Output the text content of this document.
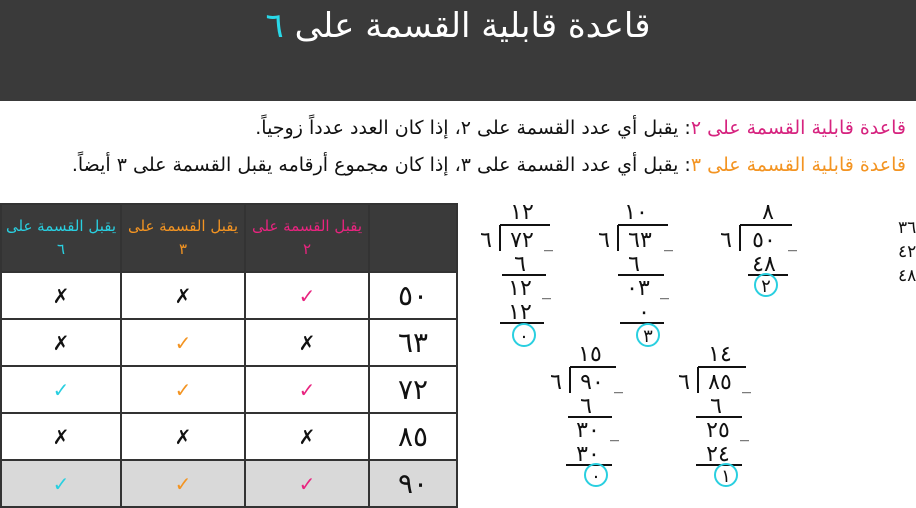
قاعدة قابلية القسمة على ٦
قاعدة قابلية القسمة على ٢: يقبل أي عدد القسمة على ٢، إذا كان العدد عدداً زوجياً.
قاعدة قابلية القسمة على ٣: يقبل أي عدد القسمة على ٣، إذا كان مجموع أرقامه يقبل القسمة على ٣ أيضاً.
	يقبل القسمة على ٢	يقبل القسمة على ٣	يقبل القسمة على ٦
٥٠	✓	✗	✗
٦٣	✗	✓	✗
٧٢	✓	✓	✓
٨٥	✗	✗	✗
٩٠	✓	✓	✓
٣٦
٤٢
٤٨
٨
٦ ٥٠ _
٤٨
٢
١٠
٦ ٦٣ _
٦
٠٣ _
٠
٣
١٢
٦ ٧٢ _
٦
١٢ _
١٢
٠
١٥
٦ ٩٠ _
٦
٣٠ _
٣٠
٠
١٤
٦ ٨٥ _
٦
٢٥ _
٢٤
١
